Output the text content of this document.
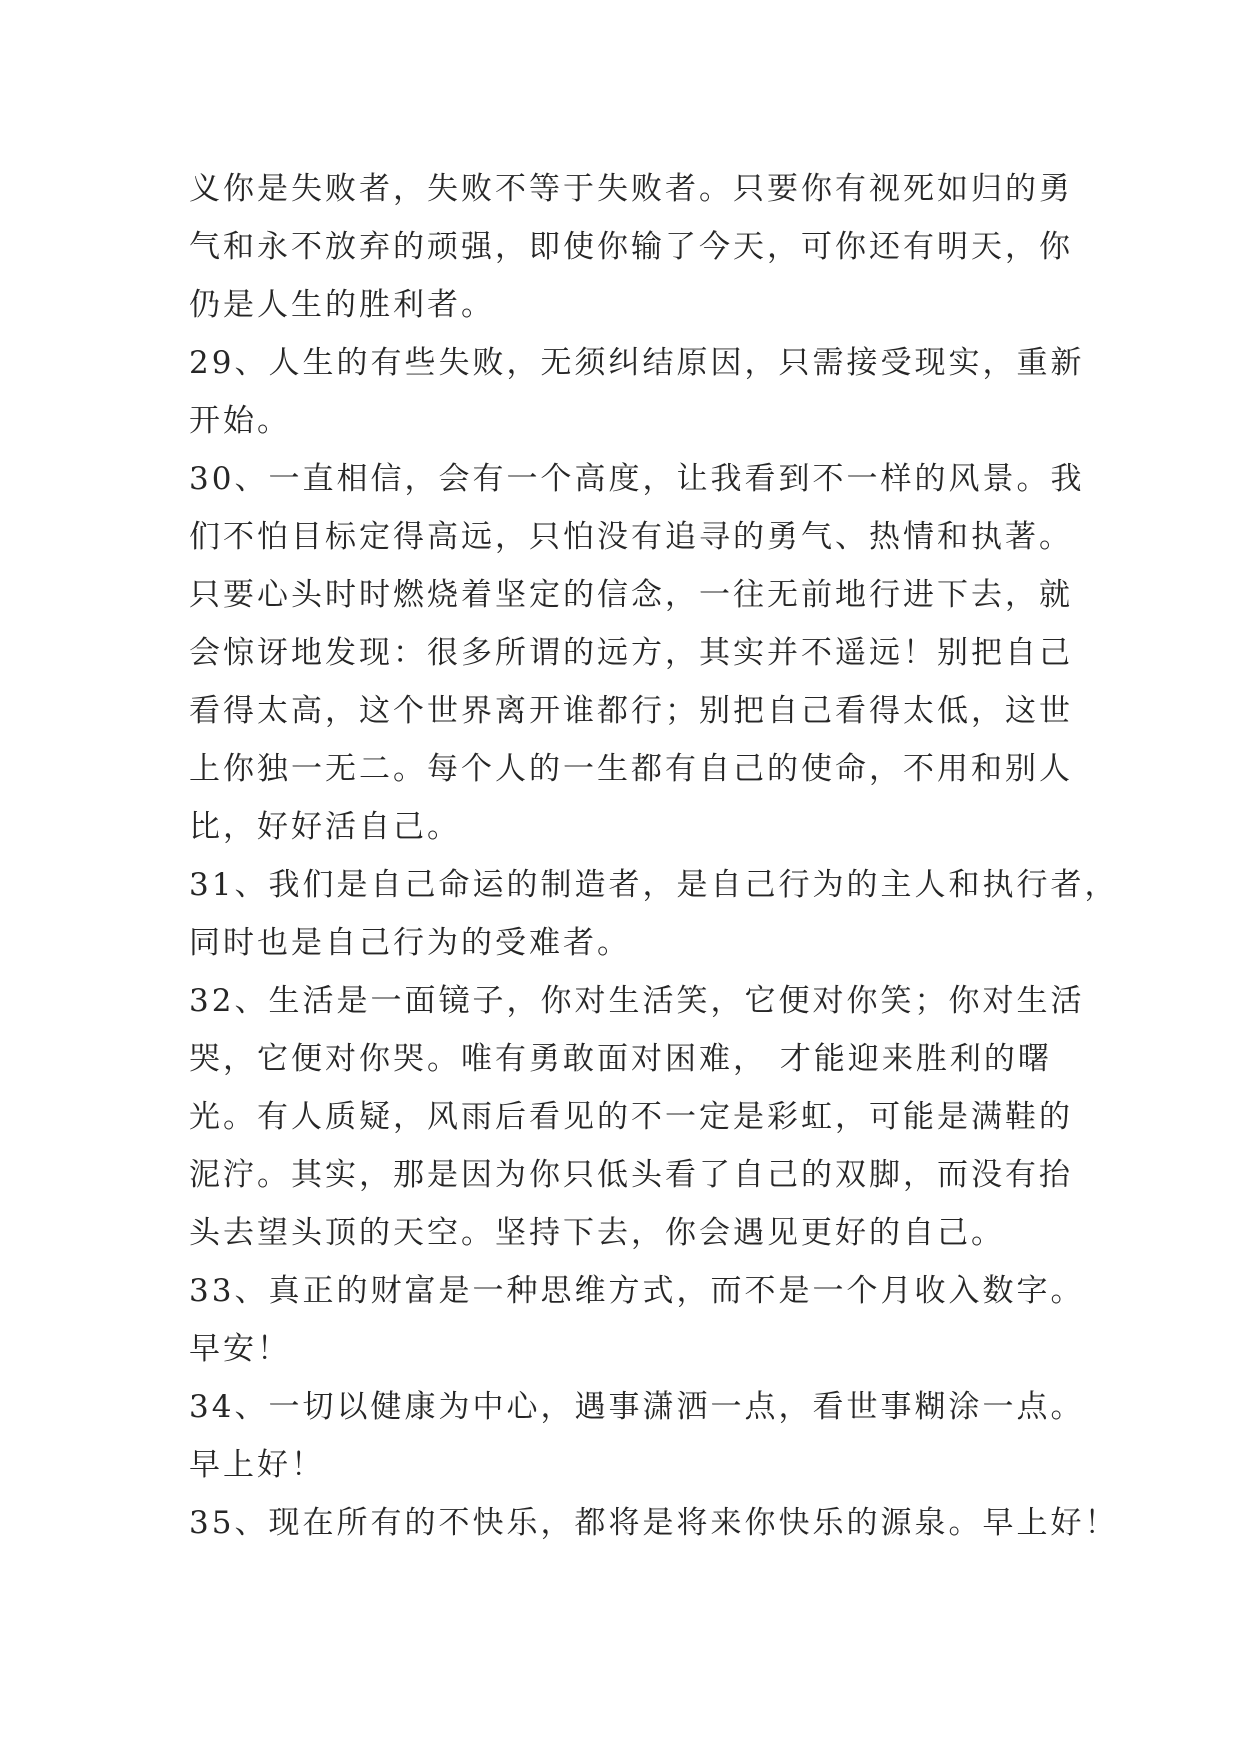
义你是失败者，失败不等于失败者。只要你有视死如归的勇
气和永不放弃的顽强，即使你输了今天，可你还有明天，你
仍是人生的胜利者。
29、人生的有些失败，无须纠结原因，只需接受现实，重新
开始。
30、一直相信，会有一个高度，让我看到不一样的风景。我
们不怕目标定得高远，只怕没有追寻的勇气、热情和执著。
只要心头时时燃烧着坚定的信念，一往无前地行进下去，就
会惊讶地发现：很多所谓的远方，其实并不遥远！别把自己
看得太高，这个世界离开谁都行；别把自己看得太低，这世
上你独一无二。每个人的一生都有自己的使命，不用和别人
比，好好活自己。
31、我们是自己命运的制造者，是自己行为的主人和执行者，
同时也是自己行为的受难者。
32、生活是一面镜子，你对生活笑，它便对你笑；你对生活
哭，它便对你哭。唯有勇敢面对困难， 才能迎来胜利的曙
光。有人质疑，风雨后看见的不一定是彩虹，可能是满鞋的
泥泞。其实，那是因为你只低头看了自己的双脚，而没有抬
头去望头顶的天空。坚持下去，你会遇见更好的自己。
33、真正的财富是一种思维方式，而不是一个月收入数字。
早安！
34、一切以健康为中心，遇事潇洒一点，看世事糊涂一点。
早上好！
35、现在所有的不快乐，都将是将来你快乐的源泉。早上好！
